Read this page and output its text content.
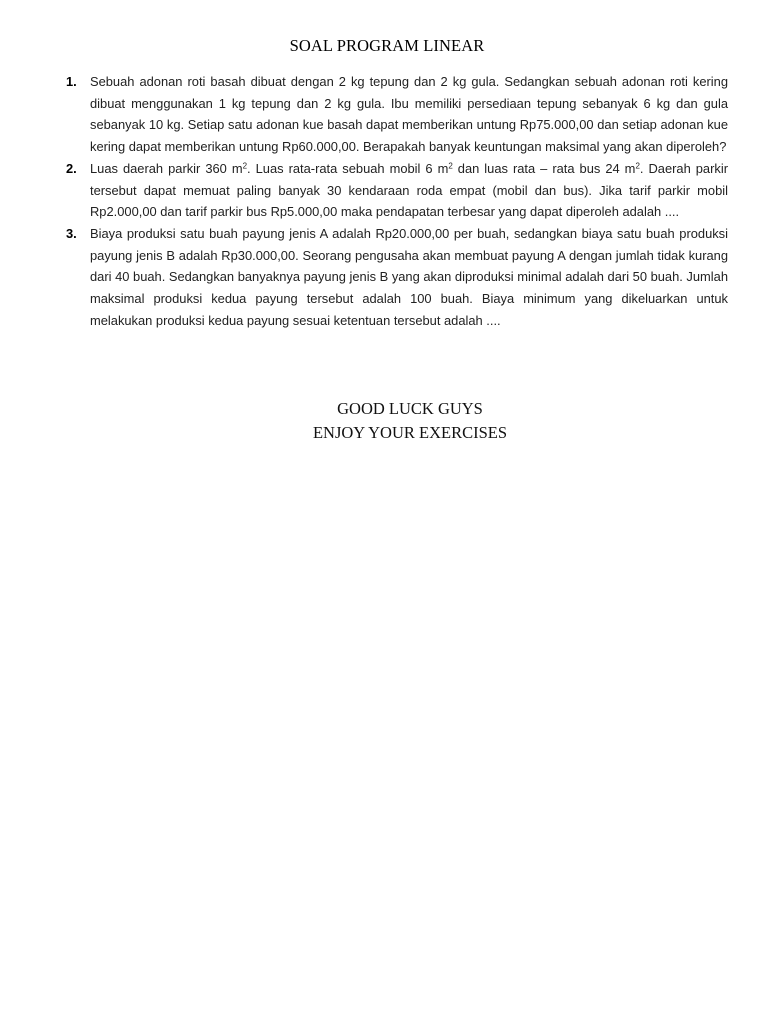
SOAL PROGRAM LINEAR
1.	Sebuah adonan roti basah dibuat dengan 2 kg tepung dan 2 kg gula. Sedangkan sebuah adonan roti kering dibuat menggunakan 1 kg tepung dan 2 kg gula. Ibu memiliki persediaan tepung sebanyak 6 kg dan gula sebanyak 10 kg. Setiap satu adonan kue basah dapat memberikan untung Rp75.000,00 dan setiap adonan kue kering dapat memberikan untung Rp60.000,00. Berapakah banyak keuntungan maksimal yang akan diperoleh?
2.	Luas daerah parkir 360 $m^2$. Luas rata-rata sebuah mobil 6 $m^2$ dan luas rata – rata bus 24 $m^2$. Daerah parkir tersebut dapat memuat paling banyak 30 kendaraan roda empat (mobil dan bus). Jika tarif parkir mobil Rp2.000,00 dan tarif parkir bus Rp5.000,00 maka pendapatan terbesar yang dapat diperoleh adalah ....
3.	Biaya produksi satu buah payung jenis A adalah Rp20.000,00 per buah, sedangkan biaya satu buah produksi payung jenis B adalah Rp30.000,00. Seorang pengusaha akan membuat payung A dengan jumlah tidak kurang dari 40 buah. Sedangkan banyaknya payung jenis B yang akan diproduksi minimal adalah dari 50 buah. Jumlah maksimal produksi kedua payung tersebut adalah 100 buah. Biaya minimum yang dikeluarkan untuk melakukan produksi kedua payung sesuai ketentuan tersebut adalah ....
GOOD LUCK GUYS
ENJOY YOUR EXERCISES
